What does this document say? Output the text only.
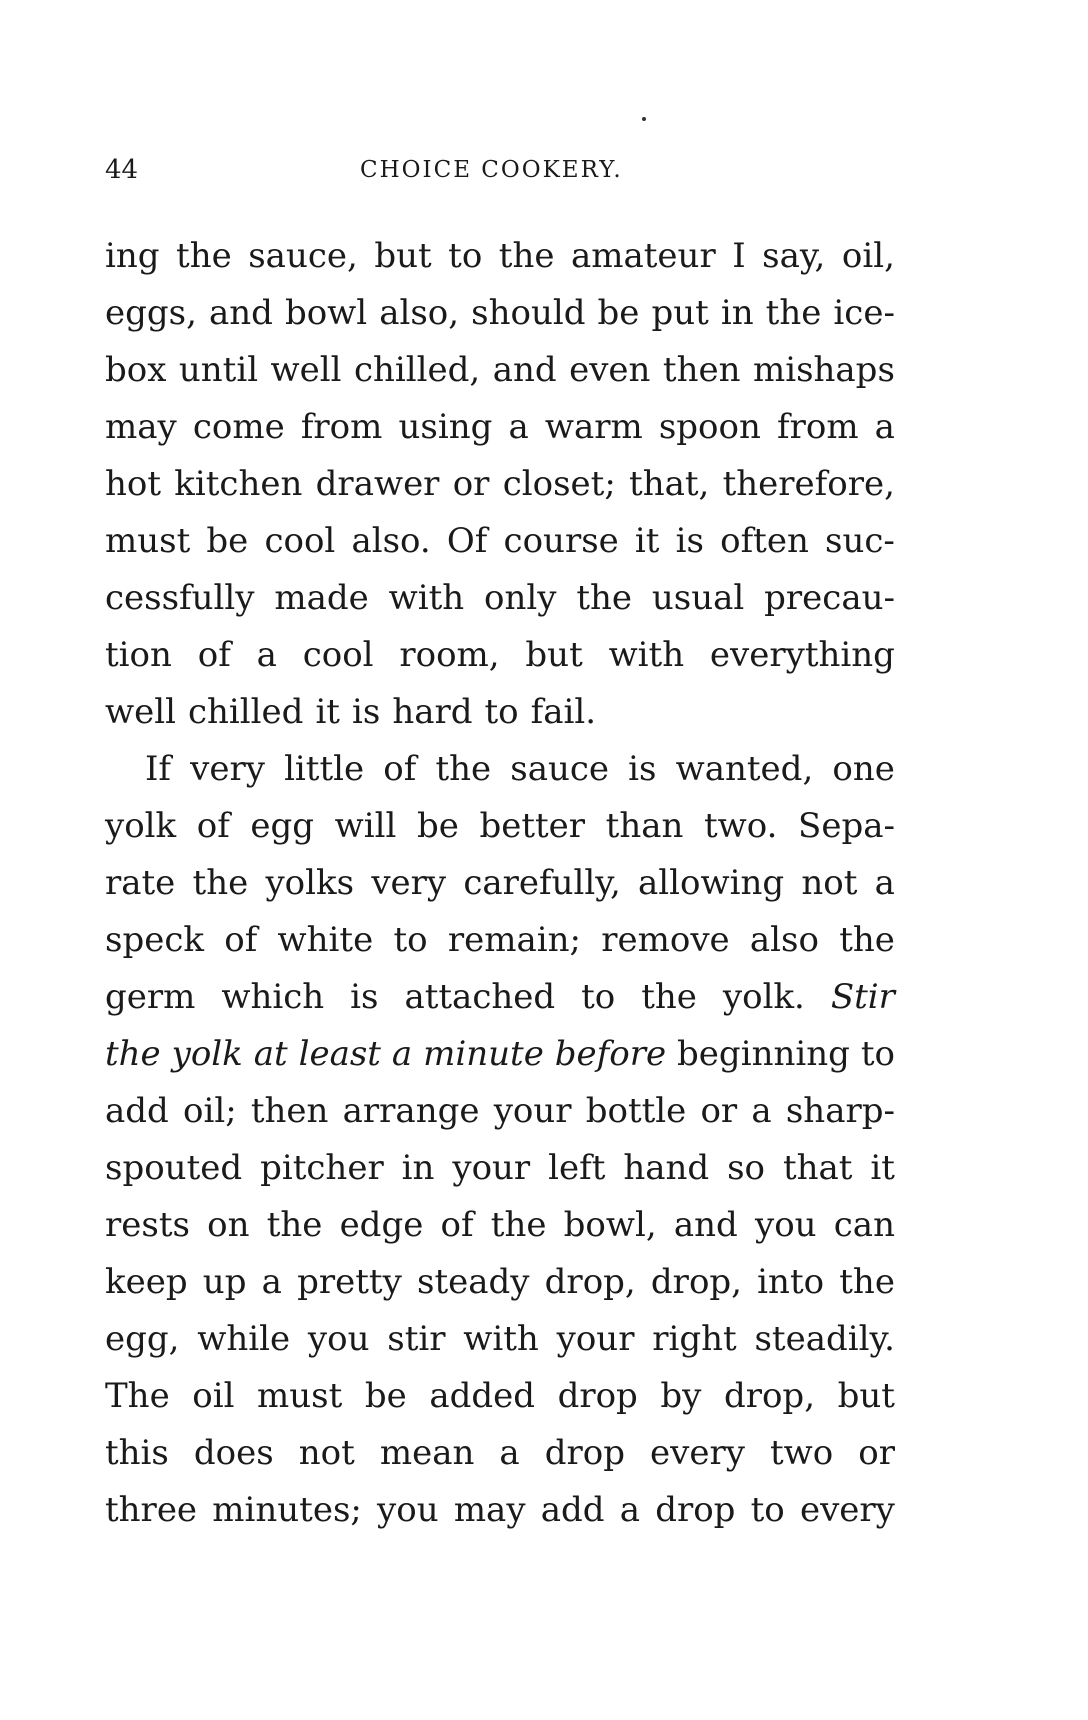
44	CHOICE COOKERY.
ing the sauce, but to the amateur I say, oil,
eggs, and bowl also, should be put in the ice-
box until well chilled, and even then mishaps
may come from using a warm spoon from a
hot kitchen drawer or closet; that, therefore,
must be cool also. Of course it is often suc-
cessfully made with only the usual precau-
tion of a cool room, but with everything
well chilled it is hard to fail.
If very little of the sauce is wanted, one
yolk of egg will be better than two. Sepa-
rate the yolks very carefully, allowing not a
speck of white to remain; remove also the
germ which is attached to the yolk. Stir
the yolk at least a minute before beginning to
add oil; then arrange your bottle or a sharp-
spouted pitcher in your left hand so that it
rests on the edge of the bowl, and you can
keep up a pretty steady drop, drop, into the
egg, while you stir with your right steadily.
The oil must be added drop by drop, but
this does not mean a drop every two or
three minutes; you may add a drop to every
